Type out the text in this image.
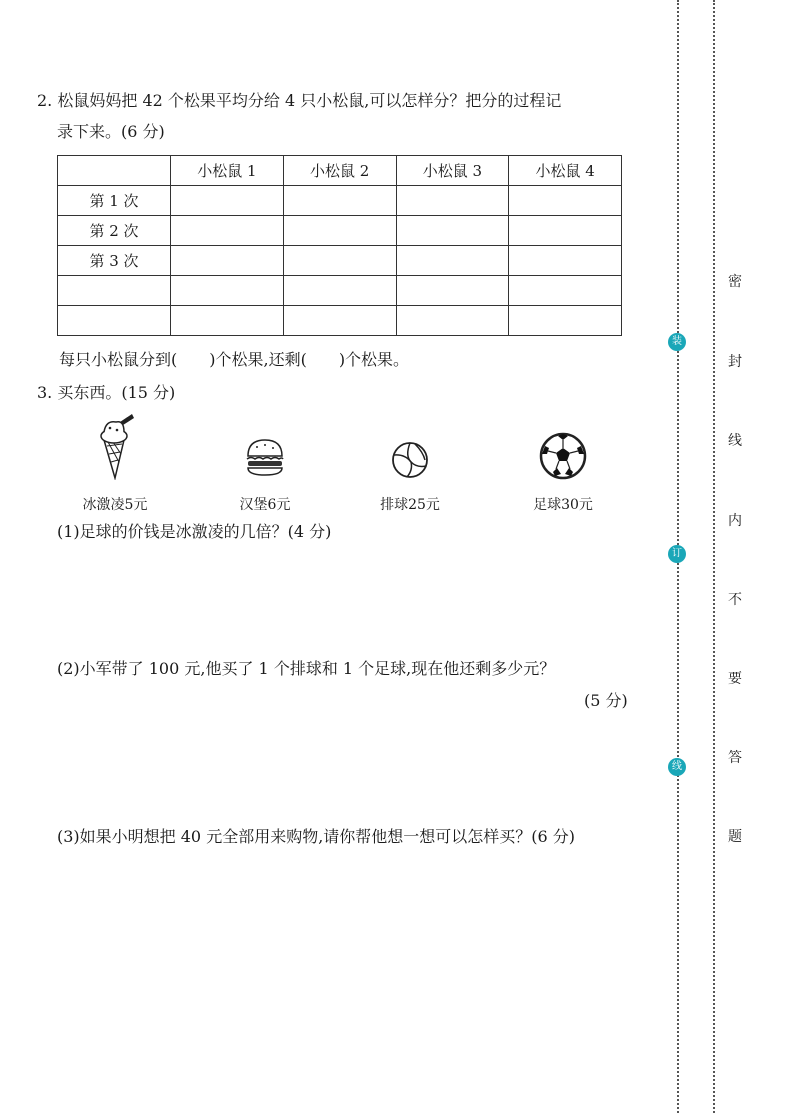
2. 松鼠妈妈把 42 个松果平均分给 4 只小松鼠,可以怎样分？把分的过程记
录下来。(6 分)
	小松鼠 1	小松鼠 2	小松鼠 3	小松鼠 4
第 1 次				
第 2 次				
第 3 次				

每只小松鼠分到(　　)个松果,还剩(　　)个松果。
3. 买东西。(15 分)
冰激凌5元	汉堡6元	排球25元	足球30元
(1)足球的价钱是冰激凌的几倍？(4 分)
(2)小军带了 100 元,他买了 1 个排球和 1 个足球,现在他还剩多少元？
(5 分)
(3)如果小明想把 40 元全部用来购物,请你帮他想一想可以怎样买？(6 分)
装
订
线
密
封
线
内
不
要
答
题
